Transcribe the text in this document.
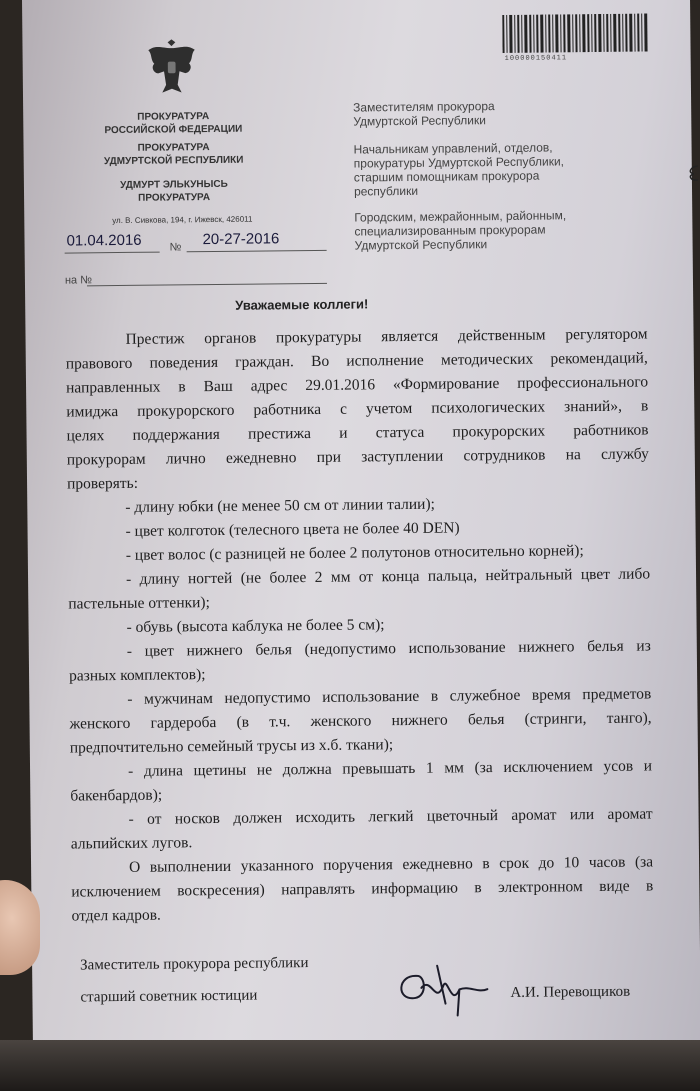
ПРОКУРАТУРА
РОССИЙСКОЙ ФЕДЕРАЦИИ
ПРОКУРАТУРА
УДМУРТСКОЙ РЕСПУБЛИКИ
УДМУРТ ЭЛЬКУНЫСЬ
ПРОКУРАТУРА
ул. В. Сивкова, 194, г. Ижевск, 426011
01.04.2016	№ 20-27-2016
на №
100000150411
Заместителям прокурора
Удмуртской Республики
Начальникам управлений, отделов,
прокуратуры Удмуртской Республики,
старшим помощникам прокурора
республики
Городским, межрайонным, районным,
специализированным прокурорам
Удмуртской Республики
Уважаемые коллеги!
Престиж органов прокуратуры является действенным регулятором
правового поведения граждан. Во исполнение методических рекомендаций,
направленных в Ваш адрес 29.01.2016 «Формирование профессионального
имиджа прокурорского работника с учетом психологических знаний», в
целях поддержания престижа и статуса прокурорских работников
прокурорам лично ежедневно при заступлении сотрудников на службу
проверять:
- длину юбки (не менее 50 см от линии талии);
- цвет колготок (телесного цвета не более 40 DEN)
- цвет волос (с разницей не более 2 полутонов относительно корней);
- длину ногтей (не более 2 мм от конца пальца, нейтральный цвет либо
пастельные оттенки);
- обувь (высота каблука не более 5 см);
- цвет нижнего белья (недопустимо использование нижнего белья из
разных комплектов);
- мужчинам недопустимо использование в служебное время предметов
женского гардероба (в т.ч. женского нижнего белья (стринги, танго),
предпочтительно семейный трусы из х.б. ткани);
- длина щетины не должна превышать 1 мм (за исключением усов и
бакенбардов);
- от носков должен исходить легкий цветочный аромат или аромат
альпийских лугов.
О выполнении указанного поручения ежедневно в срок до 10 часов (за
исключением воскресения) направлять информацию в электронном виде в
отдел кадров.
Заместитель прокурора республики
старший советник юстиции	А.И. Перевощиков
